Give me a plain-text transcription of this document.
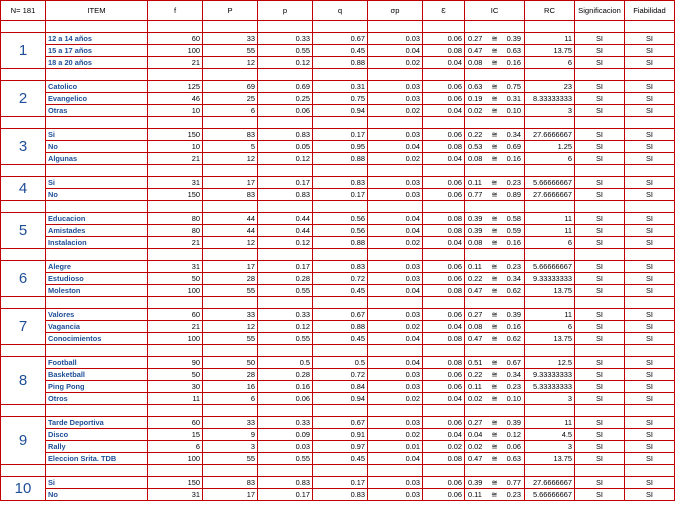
N= 181	ITEM	f	P	p	q	σp	Ɛ	IC	RC	Significacion	Fiabilidad

1	12 a 14 años	60	33	0.33	0.67	0.03	0.06	0.27 ≅ 0.39	11	SI	SI
	15 a 17 años	100	55	0.55	0.45	0.04	0.08	0.47 ≅ 0.63	13.75	SI	SI
	18 a 20 años	21	12	0.12	0.88	0.02	0.04	0.08 ≅ 0.16	6	SI	SI

2	Catolico	125	69	0.69	0.31	0.03	0.06	0.63 ≅ 0.75	23	SI	SI
	Evangelico	46	25	0.25	0.75	0.03	0.06	0.19 ≅ 0.31	8.33333333	SI	SI
	Otras	10	6	0.06	0.94	0.02	0.04	0.02 ≅ 0.10	3	SI	SI

3	Si	150	83	0.83	0.17	0.03	0.06	0.22 ≅ 0.34	27.6666667	SI	SI
	No	10	5	0.05	0.95	0.04	0.08	0.53 ≅ 0.69	1.25	SI	SI
	Algunas	21	12	0.12	0.88	0.02	0.04	0.08 ≅ 0.16	6	SI	SI

4	Si	31	17	0.17	0.83	0.03	0.06	0.11 ≅ 0.23	5.66666667	SI	SI
	No	150	83	0.83	0.17	0.03	0.06	0.77 ≅ 0.89	27.6666667	SI	SI

5	Educacion	80	44	0.44	0.56	0.04	0.08	0.39 ≅ 0.58	11	SI	SI
	Amistades	80	44	0.44	0.56	0.04	0.08	0.39 ≅ 0.59	11	SI	SI
	Instalacion	21	12	0.12	0.88	0.02	0.04	0.08 ≅ 0.16	6	SI	SI

6	Alegre	31	17	0.17	0.83	0.03	0.06	0.11 ≅ 0.23	5.66666667	SI	SI
	Estudioso	50	28	0.28	0.72	0.03	0.06	0.22 ≅ 0.34	9.33333333	SI	SI
	Moleston	100	55	0.55	0.45	0.04	0.08	0.47 ≅ 0.62	13.75	SI	SI

7	Valores	60	33	0.33	0.67	0.03	0.06	0.27 ≅ 0.39	11	SI	SI
	Vagancia	21	12	0.12	0.88	0.02	0.04	0.08 ≅ 0.16	6	SI	SI
	Conocimientos	100	55	0.55	0.45	0.04	0.08	0.47 ≅ 0.62	13.75	SI	SI

8	Football	90	50	0.5	0.5	0.04	0.08	0.51 ≅ 0.67	12.5	SI	SI
	Basketball	50	28	0.28	0.72	0.03	0.06	0.22 ≅ 0.34	9.33333333	SI	SI
	Ping Pong	30	16	0.16	0.84	0.03	0.06	0.11 ≅ 0.23	5.33333333	SI	SI
	Otros	11	6	0.06	0.94	0.02	0.04	0.02 ≅ 0.10	3	SI	SI

9	Tarde Deportiva	60	33	0.33	0.67	0.03	0.06	0.27 ≅ 0.39	11	SI	SI
	Disco	15	9	0.09	0.91	0.02	0.04	0.04 ≅ 0.12	4.5	SI	SI
	Rally	6	3	0.03	0.97	0.01	0.02	0.02 ≅ 0.06	3	SI	SI
	Eleccion Srita. TDB	100	55	0.55	0.45	0.04	0.08	0.47 ≅ 0.63	13.75	SI	SI

10	Si	150	83	0.83	0.17	0.03	0.06	0.39 ≅ 0.77	27.6666667	SI	SI
	No	31	17	0.17	0.83	0.03	0.06	0.11 ≅ 0.23	5.66666667	SI	SI
